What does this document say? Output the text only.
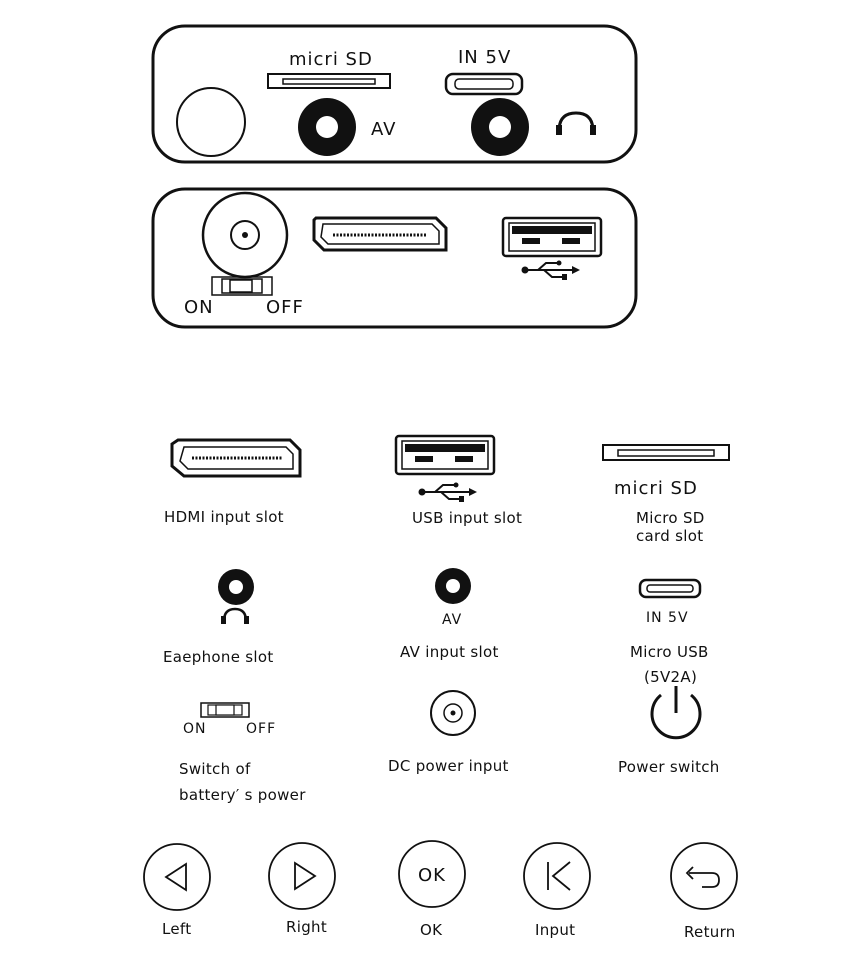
micri SD
AV
IN 5V
ON	OFF
micri SD
AV	IN 5V
ON	OFF
OK
HDMI input slot	USB input slot	Micro SD
card slot
Eaephone slot	AV input slot	Micro USB
(5V2A)
Switch of
battery′ s power
DC power input	Power switch
Left	Right	OK	Input	Return
